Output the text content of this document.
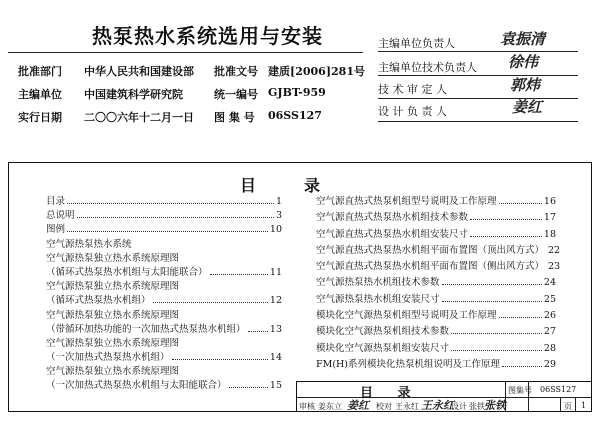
热泵热水系统选用与安装
批准部门 中华人民共和国建设部 批准文号 建质[2006]281号
主编单位 中国建筑科学研究院	统一编号 GJBT-959
实行日期 二〇〇六年十二月一日 图 集 号 06SS127
主编单位负责人	袁振清
主编单位技术负责人 徐伟
技 术 审 定 人	郭炜
设 计 负 责 人	姜红
目录
目录	1
总说明	3
图例	10
空气源热泵热水系统
空气源热泵独立热水系统原理图
（循环式热泵热水机组与太阳能联合）	11
空气源热泵独立热水系统原理图
（循环式热泵热水机组）	12
空气源热泵独立热水系统原理图
（带循环加热功能的一次加热式热泵热水机组）	13
空气源热泵独立热水系统原理图
（一次加热式热泵热水机组）	14
空气源热泵独立热水系统原理图
（一次加热式热泵热水机组与太阳能联合）	15
空气源直热式热泵机组型号说明及工作原理	16
空气源直热式热泵热水机组技术参数	17
空气源直热式热泵热水机组安装尺寸	18
空气源直热式热泵热水机组平面布置图（顶出风方式） 22
空气源直热式热泵热水机组平面布置图（侧出风方式） 23
空气源热泵热水机组技术参数	24
空气源热泵热水机组安装尺寸	25
模块化空气源热泵机组型号说明及工作原理	26
模块化空气源热泵机组技术参数	27
模块化空气源热泵机组安装尺寸	28
FM(H)系列模块化热泵机组说明及工作原理	29
目 录	图集号 06SS127
审核 姜东立 姜红 校对 王永红 王永红
设计 张铁 张铁	页 1
